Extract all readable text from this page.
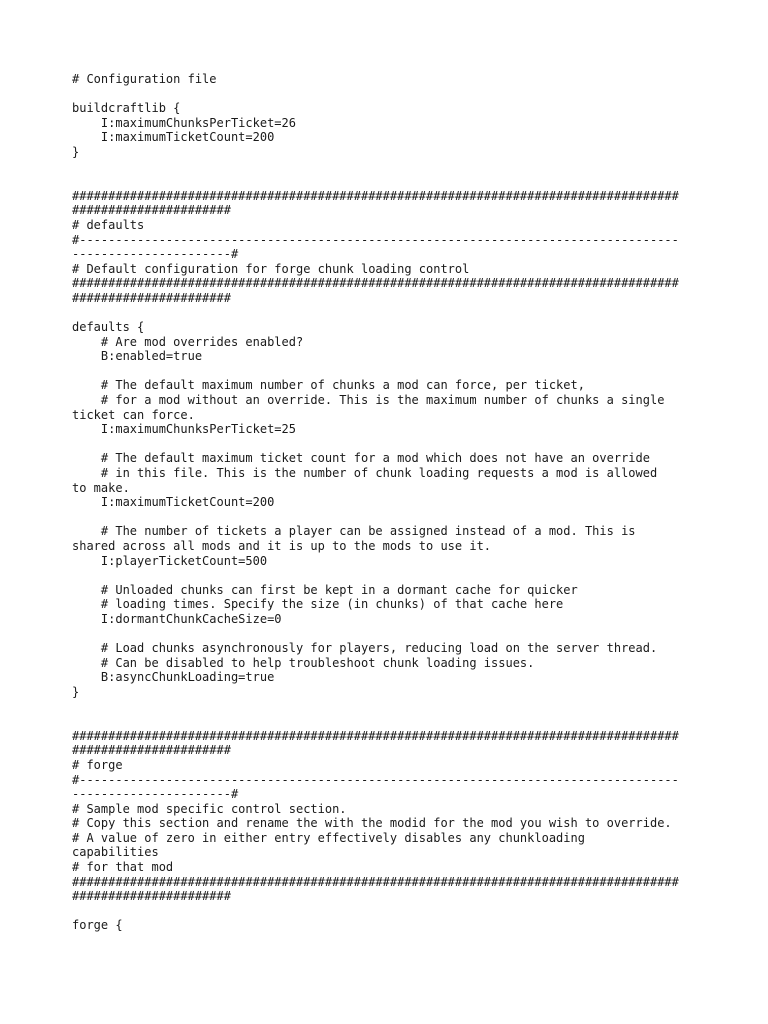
# Configuration file
buildcraftlib {
I:maximumChunksPerTicket=26
I:maximumTicketCount=200
}
####################################################################################
######################
# defaults
#-----------------------------------------------------------------------------------
----------------------#
# Default configuration for forge chunk loading control
####################################################################################
######################
defaults {
# Are mod overrides enabled?
B:enabled=true
# The default maximum number of chunks a mod can force, per ticket,
# for a mod without an override. This is the maximum number of chunks a single
ticket can force.
I:maximumChunksPerTicket=25
# The default maximum ticket count for a mod which does not have an override
# in this file. This is the number of chunk loading requests a mod is allowed
to make.
I:maximumTicketCount=200
# The number of tickets a player can be assigned instead of a mod. This is
shared across all mods and it is up to the mods to use it.
I:playerTicketCount=500
# Unloaded chunks can first be kept in a dormant cache for quicker
# loading times. Specify the size (in chunks) of that cache here
I:dormantChunkCacheSize=0
# Load chunks asynchronously for players, reducing load on the server thread.
# Can be disabled to help troubleshoot chunk loading issues.
B:asyncChunkLoading=true
}
####################################################################################
######################
# forge
#-----------------------------------------------------------------------------------
----------------------#
# Sample mod specific control section.
# Copy this section and rename the with the modid for the mod you wish to override.
# A value of zero in either entry effectively disables any chunkloading
capabilities
# for that mod
####################################################################################
######################
forge {
